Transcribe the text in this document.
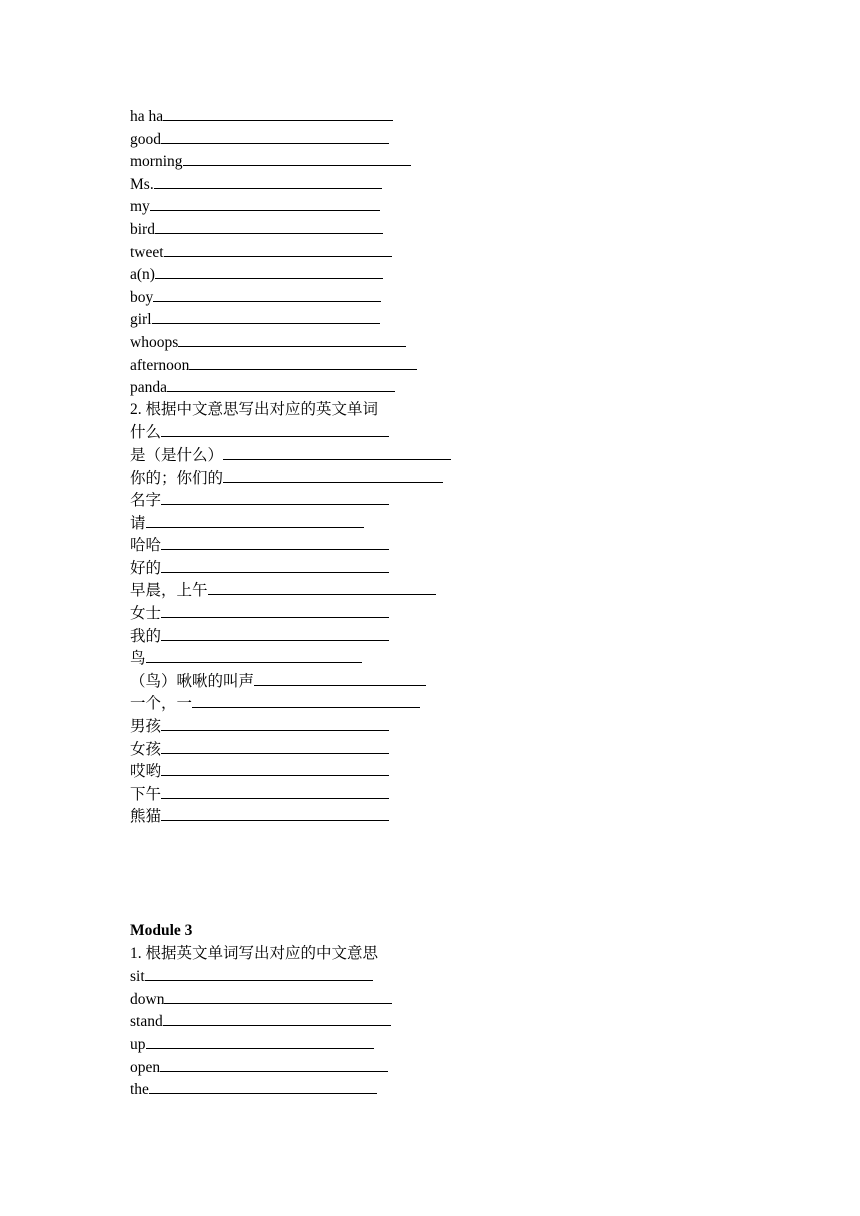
ha ha
good
morning
Ms.
my
bird
tweet
a(n)
boy
girl
whoops
afternoon
panda
2. 根据中文意思写出对应的英文单词
什么
是（是什么）
你的；你们的
名字
请
哈哈
好的
早晨，上午
女士
我的
鸟
（鸟）啾啾的叫声
一个，一
男孩
女孩
哎哟
下午
熊猫
Module 3
1. 根据英文单词写出对应的中文意思
sit
down
stand
up
open
the
